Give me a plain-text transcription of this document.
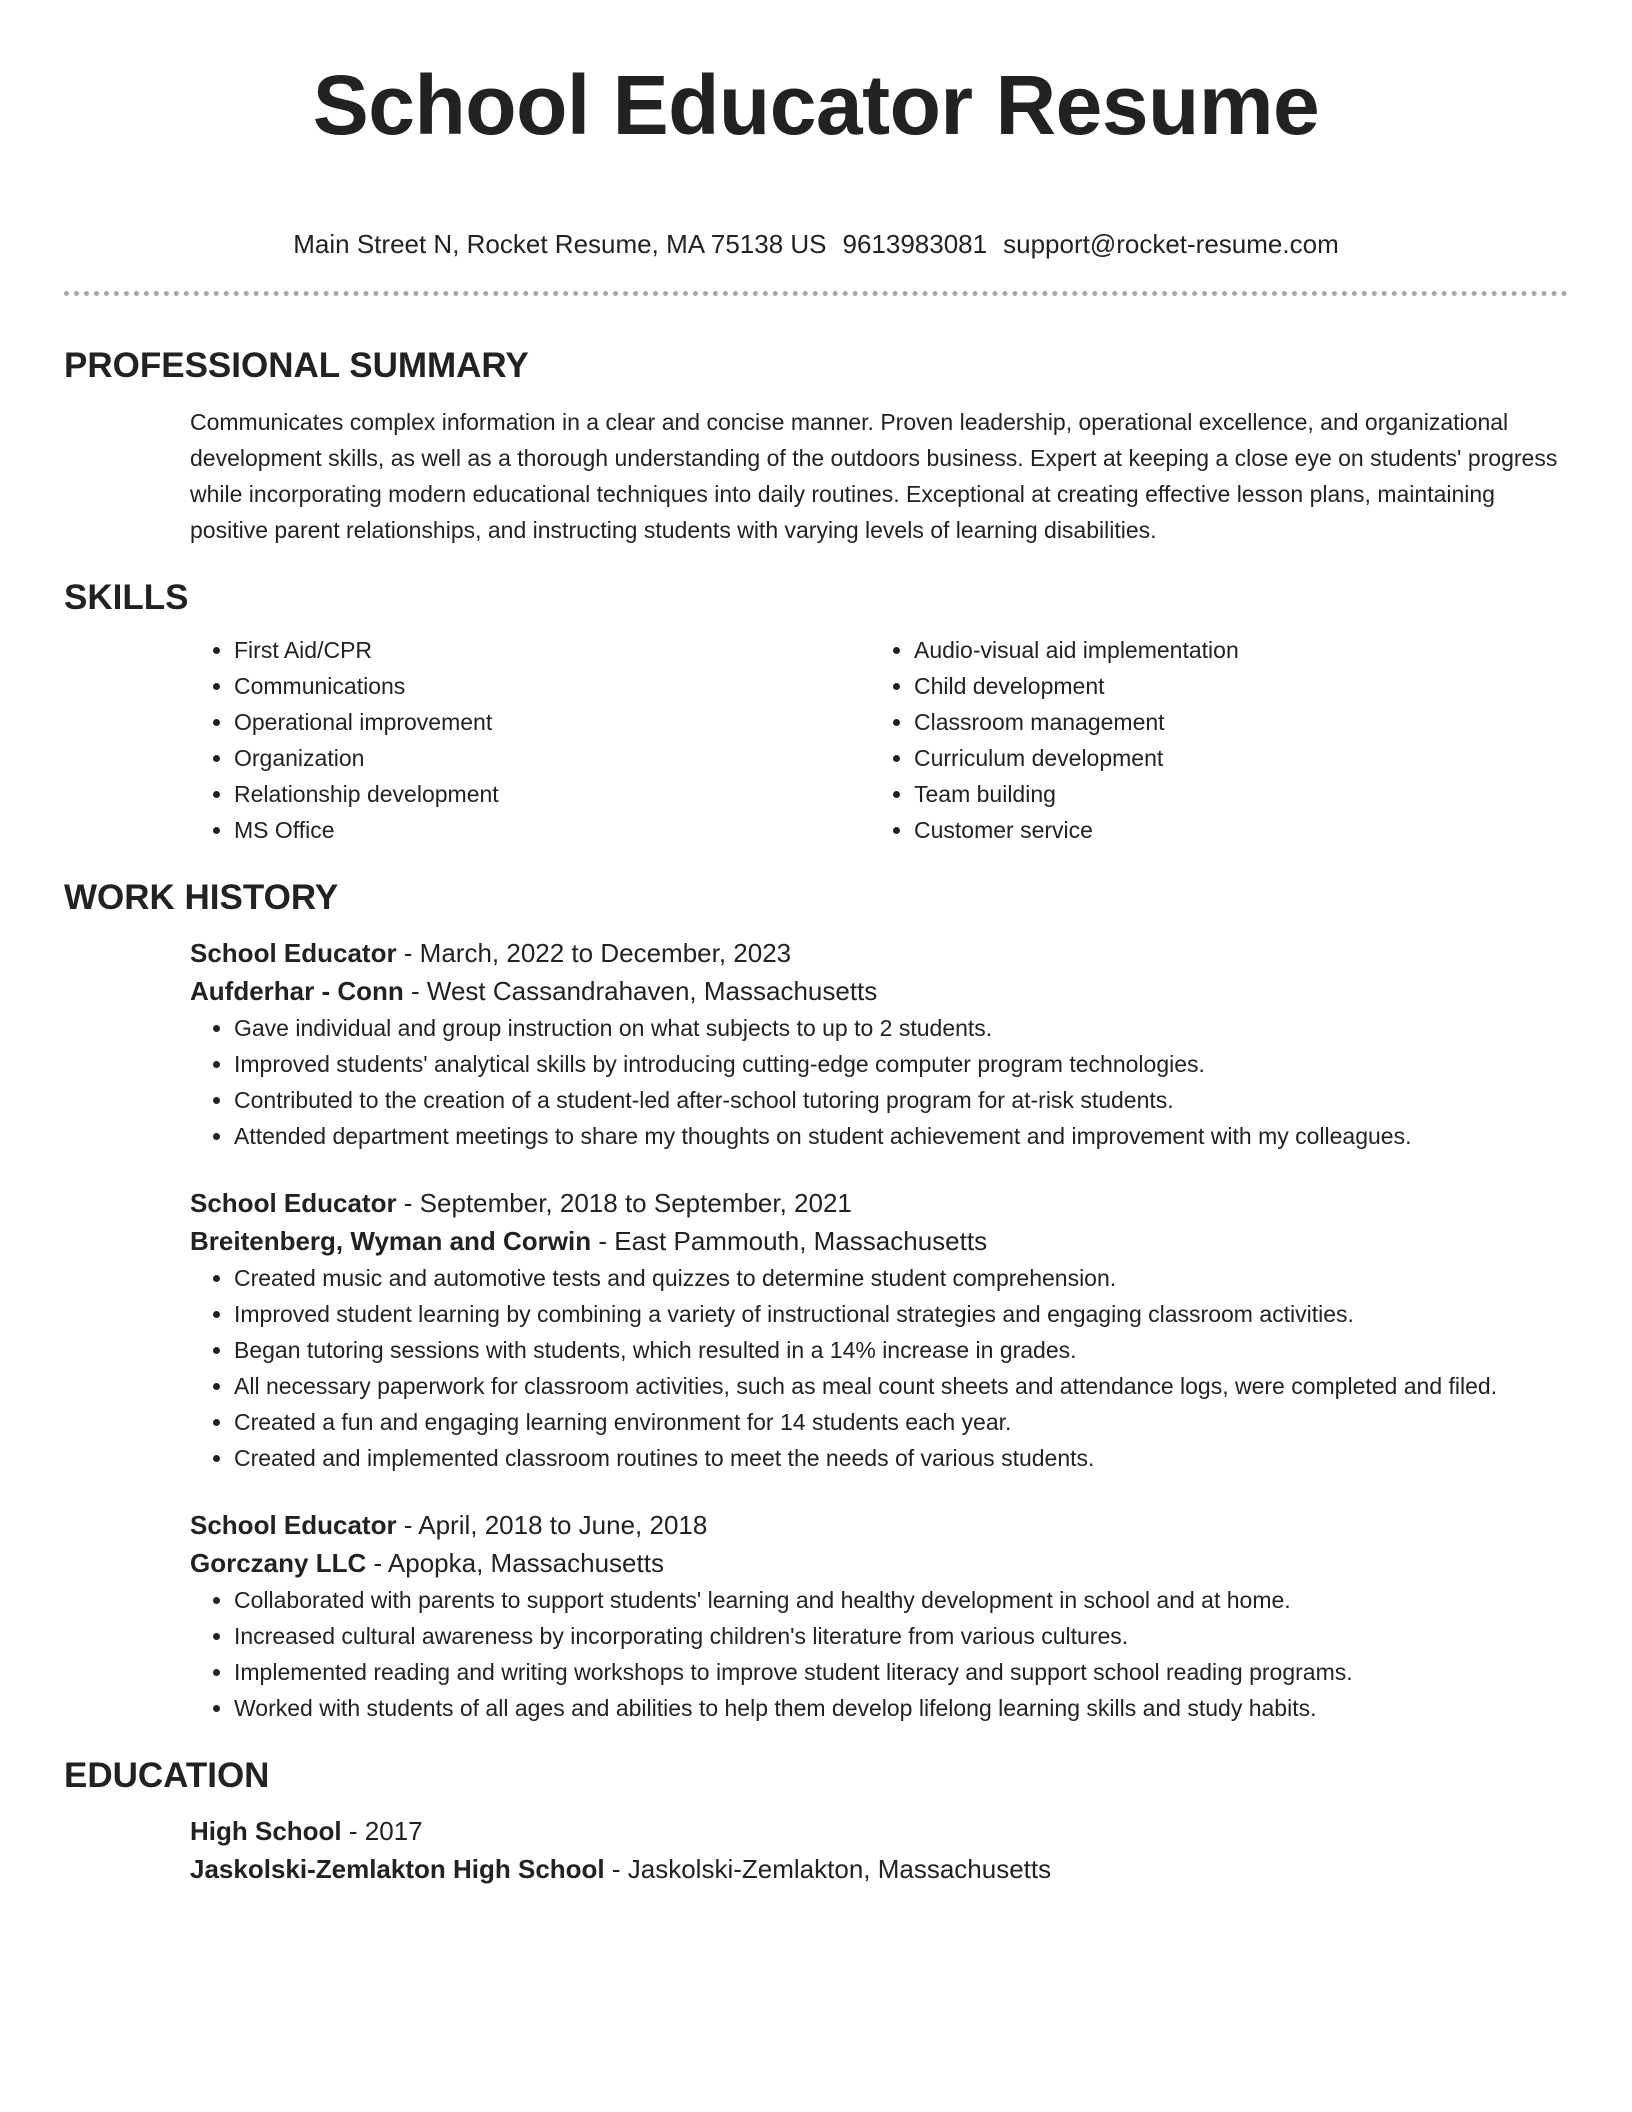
School Educator Resume
Main Street N, Rocket Resume, MA 75138 US 9613983081 support@rocket-resume.com
PROFESSIONAL SUMMARY

Communicates complex information in a clear and concise manner. Proven leadership, operational excellence, and organizational development skills, as well as a thorough understanding of the outdoors business. Expert at keeping a close eye on students' progress while incorporating modern educational techniques into daily routines. Exceptional at creating effective lesson plans, maintaining positive parent relationships, and instructing students with varying levels of learning disabilities.

SKILLS
• First Aid/CPR
• Communications
• Operational improvement
• Organization
• Relationship development
• MS Office
• Audio-visual aid implementation
• Child development
• Classroom management
• Curriculum development
• Team building
• Customer service
WORK HISTORY
School Educator - March, 2022 to December, 2023
Aufderhar - Conn - West Cassandrahaven, Massachusetts
• Gave individual and group instruction on what subjects to up to 2 students.
• Improved students' analytical skills by introducing cutting-edge computer program technologies.
• Contributed to the creation of a student-led after-school tutoring program for at-risk students.
• Attended department meetings to share my thoughts on student achievement and improvement with my colleagues.
School Educator - September, 2018 to September, 2021
Breitenberg, Wyman and Corwin - East Pammouth, Massachusetts
• Created music and automotive tests and quizzes to determine student comprehension.
• Improved student learning by combining a variety of instructional strategies and engaging classroom activities.
• Began tutoring sessions with students, which resulted in a 14% increase in grades.
• All necessary paperwork for classroom activities, such as meal count sheets and attendance logs, were completed and filed.
• Created a fun and engaging learning environment for 14 students each year.
• Created and implemented classroom routines to meet the needs of various students.
School Educator - April, 2018 to June, 2018
Gorczany LLC - Apopka, Massachusetts
• Collaborated with parents to support students' learning and healthy development in school and at home.
• Increased cultural awareness by incorporating children's literature from various cultures.
• Implemented reading and writing workshops to improve student literacy and support school reading programs.
• Worked with students of all ages and abilities to help them develop lifelong learning skills and study habits.
EDUCATION
High School - 2017
Jaskolski-Zemlakton High School - Jaskolski-Zemlakton, Massachusetts
